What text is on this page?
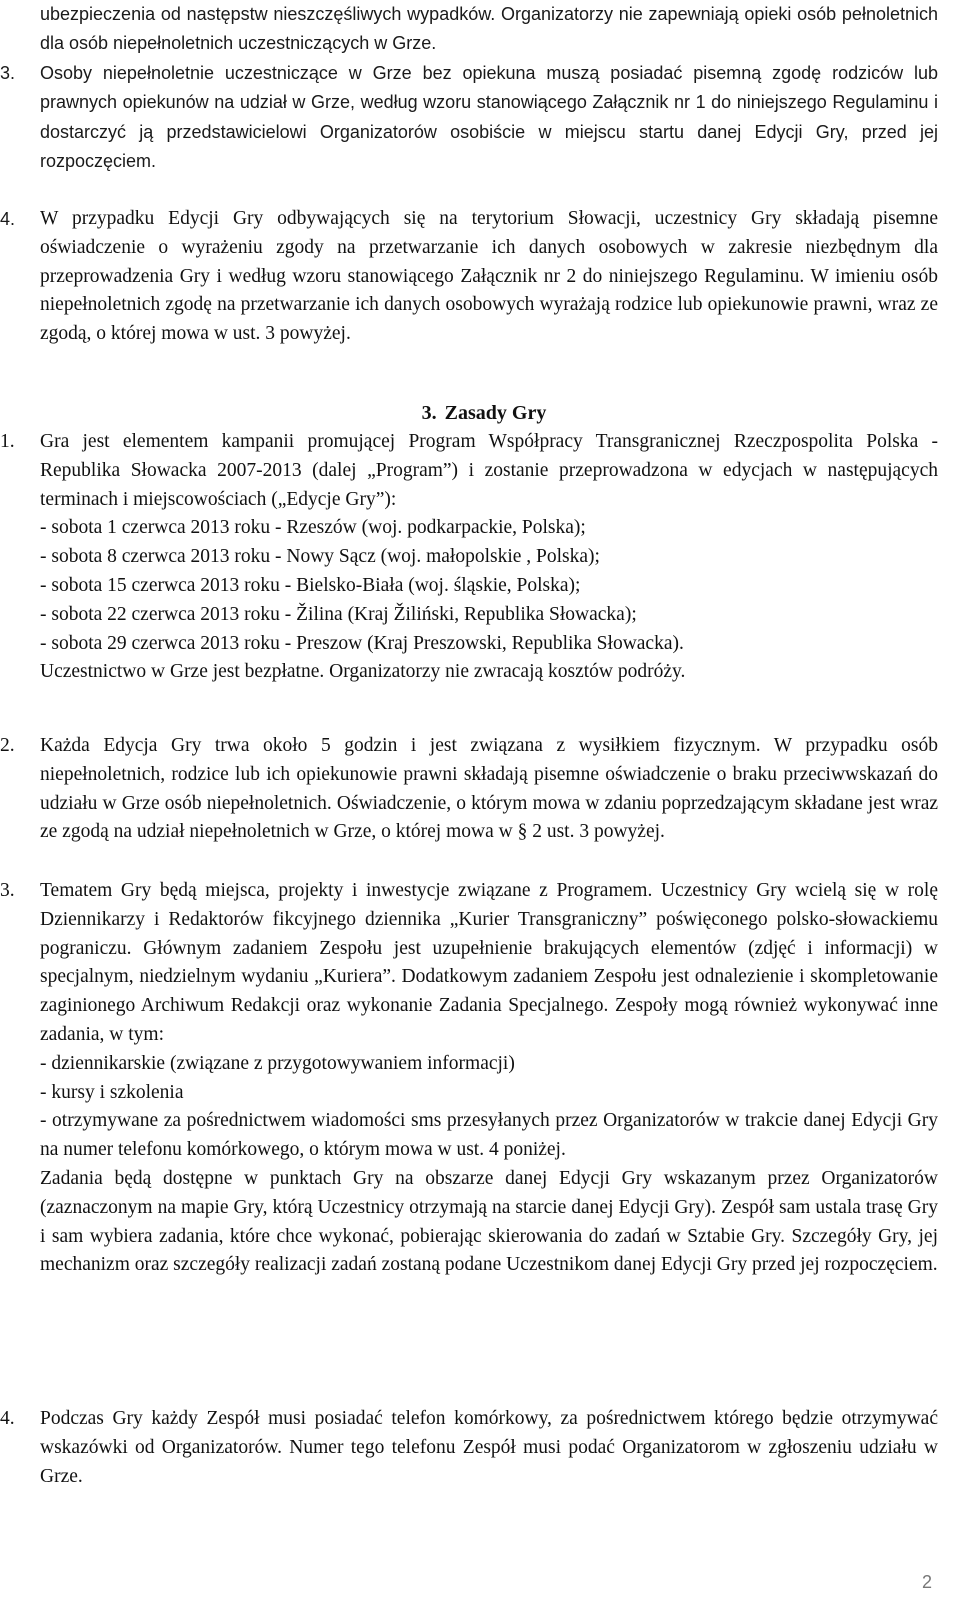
ubezpieczenia od następstw nieszczęśliwych wypadków. Organizatorzy nie zapewniają opieki osób pełnoletnich dla osób niepełnoletnich uczestniczących w Grze.
3.	Osoby niepełnoletnie uczestniczące w Grze bez opiekuna muszą posiadać pisemną zgodę rodziców lub prawnych opiekunów na udział w Grze, według wzoru stanowiącego Załącznik nr 1 do niniejszego Regulaminu i dostarczyć ją przedstawicielowi Organizatorów osobiście w miejscu startu danej Edycji Gry, przed jej rozpoczęciem.
4.	W przypadku Edycji Gry odbywających się na terytorium Słowacji, uczestnicy Gry składają pisemne oświadczenie o wyrażeniu zgody na przetwarzanie ich danych osobowych w zakresie niezbędnym dla przeprowadzenia Gry i według wzoru stanowiącego Załącznik nr 2 do niniejszego Regulaminu. W imieniu osób niepełnoletnich zgodę na przetwarzanie ich danych osobowych wyrażają rodzice lub opiekunowie prawni, wraz ze zgodą, o której mowa w ust. 3 powyżej.
3. Zasady Gry
1.	Gra jest elementem kampanii promującej Program Współpracy Transgranicznej Rzeczpospolita Polska - Republika Słowacka 2007-2013 (dalej „Program”) i zostanie przeprowadzona w edycjach w następujących terminach i miejscowościach („Edycje Gry”):
- sobota 1 czerwca 2013 roku - Rzeszów (woj. podkarpackie, Polska);
- sobota 8 czerwca 2013 roku - Nowy Sącz (woj. małopolskie , Polska);
- sobota 15 czerwca 2013 roku - Bielsko-Biała (woj. śląskie, Polska);
- sobota 22 czerwca 2013 roku - Žilina (Kraj Žiliński, Republika Słowacka);
- sobota 29 czerwca 2013 roku - Preszow (Kraj Preszowski, Republika Słowacka).
Uczestnictwo w Grze jest bezpłatne. Organizatorzy nie zwracają kosztów podróży.
2.	Każda Edycja Gry trwa około 5 godzin i jest związana z wysiłkiem fizycznym. W przypadku osób niepełnoletnich, rodzice lub ich opiekunowie prawni składają pisemne oświadczenie o braku przeciwwskazań do udziału w Grze osób niepełnoletnich. Oświadczenie, o którym mowa w zdaniu poprzedzającym składane jest wraz ze zgodą na udział niepełnoletnich w Grze, o której mowa w § 2 ust. 3 powyżej.
3.	Tematem Gry będą miejsca, projekty i inwestycje związane z Programem. Uczestnicy Gry wcielą się w rolę Dziennikarzy i Redaktorów fikcyjnego dziennika „Kurier Transgraniczny” poświęconego polsko-słowackiemu pograniczu. Głównym zadaniem Zespołu jest uzupełnienie brakujących elementów (zdjęć i informacji) w specjalnym, niedzielnym wydaniu „Kuriera”. Dodatkowym zadaniem Zespołu jest odnalezienie i skompletowanie zaginionego Archiwum Redakcji oraz wykonanie Zadania Specjalnego. Zespoły mogą również wykonywać inne zadania, w tym:
- dziennikarskie (związane z przygotowywaniem informacji)
- kursy i szkolenia
- otrzymywane za pośrednictwem wiadomości sms przesyłanych przez Organizatorów w trakcie danej Edycji Gry na numer telefonu komórkowego, o którym mowa w ust. 4 poniżej.
Zadania będą dostępne w punktach Gry na obszarze danej Edycji Gry wskazanym przez Organizatorów (zaznaczonym na mapie Gry, którą Uczestnicy otrzymają na starcie danej Edycji Gry). Zespół sam ustala trasę Gry i sam wybiera zadania, które chce wykonać, pobierając skierowania do zadań w Sztabie Gry. Szczegóły Gry, jej mechanizm oraz szczegóły realizacji zadań zostaną podane Uczestnikom danej Edycji Gry przed jej rozpoczęciem.
4.	Podczas Gry każdy Zespół musi posiadać telefon komórkowy, za pośrednictwem którego będzie otrzymywać wskazówki od Organizatorów. Numer tego telefonu Zespół musi podać Organizatorom w zgłoszeniu udziału w Grze.
2
